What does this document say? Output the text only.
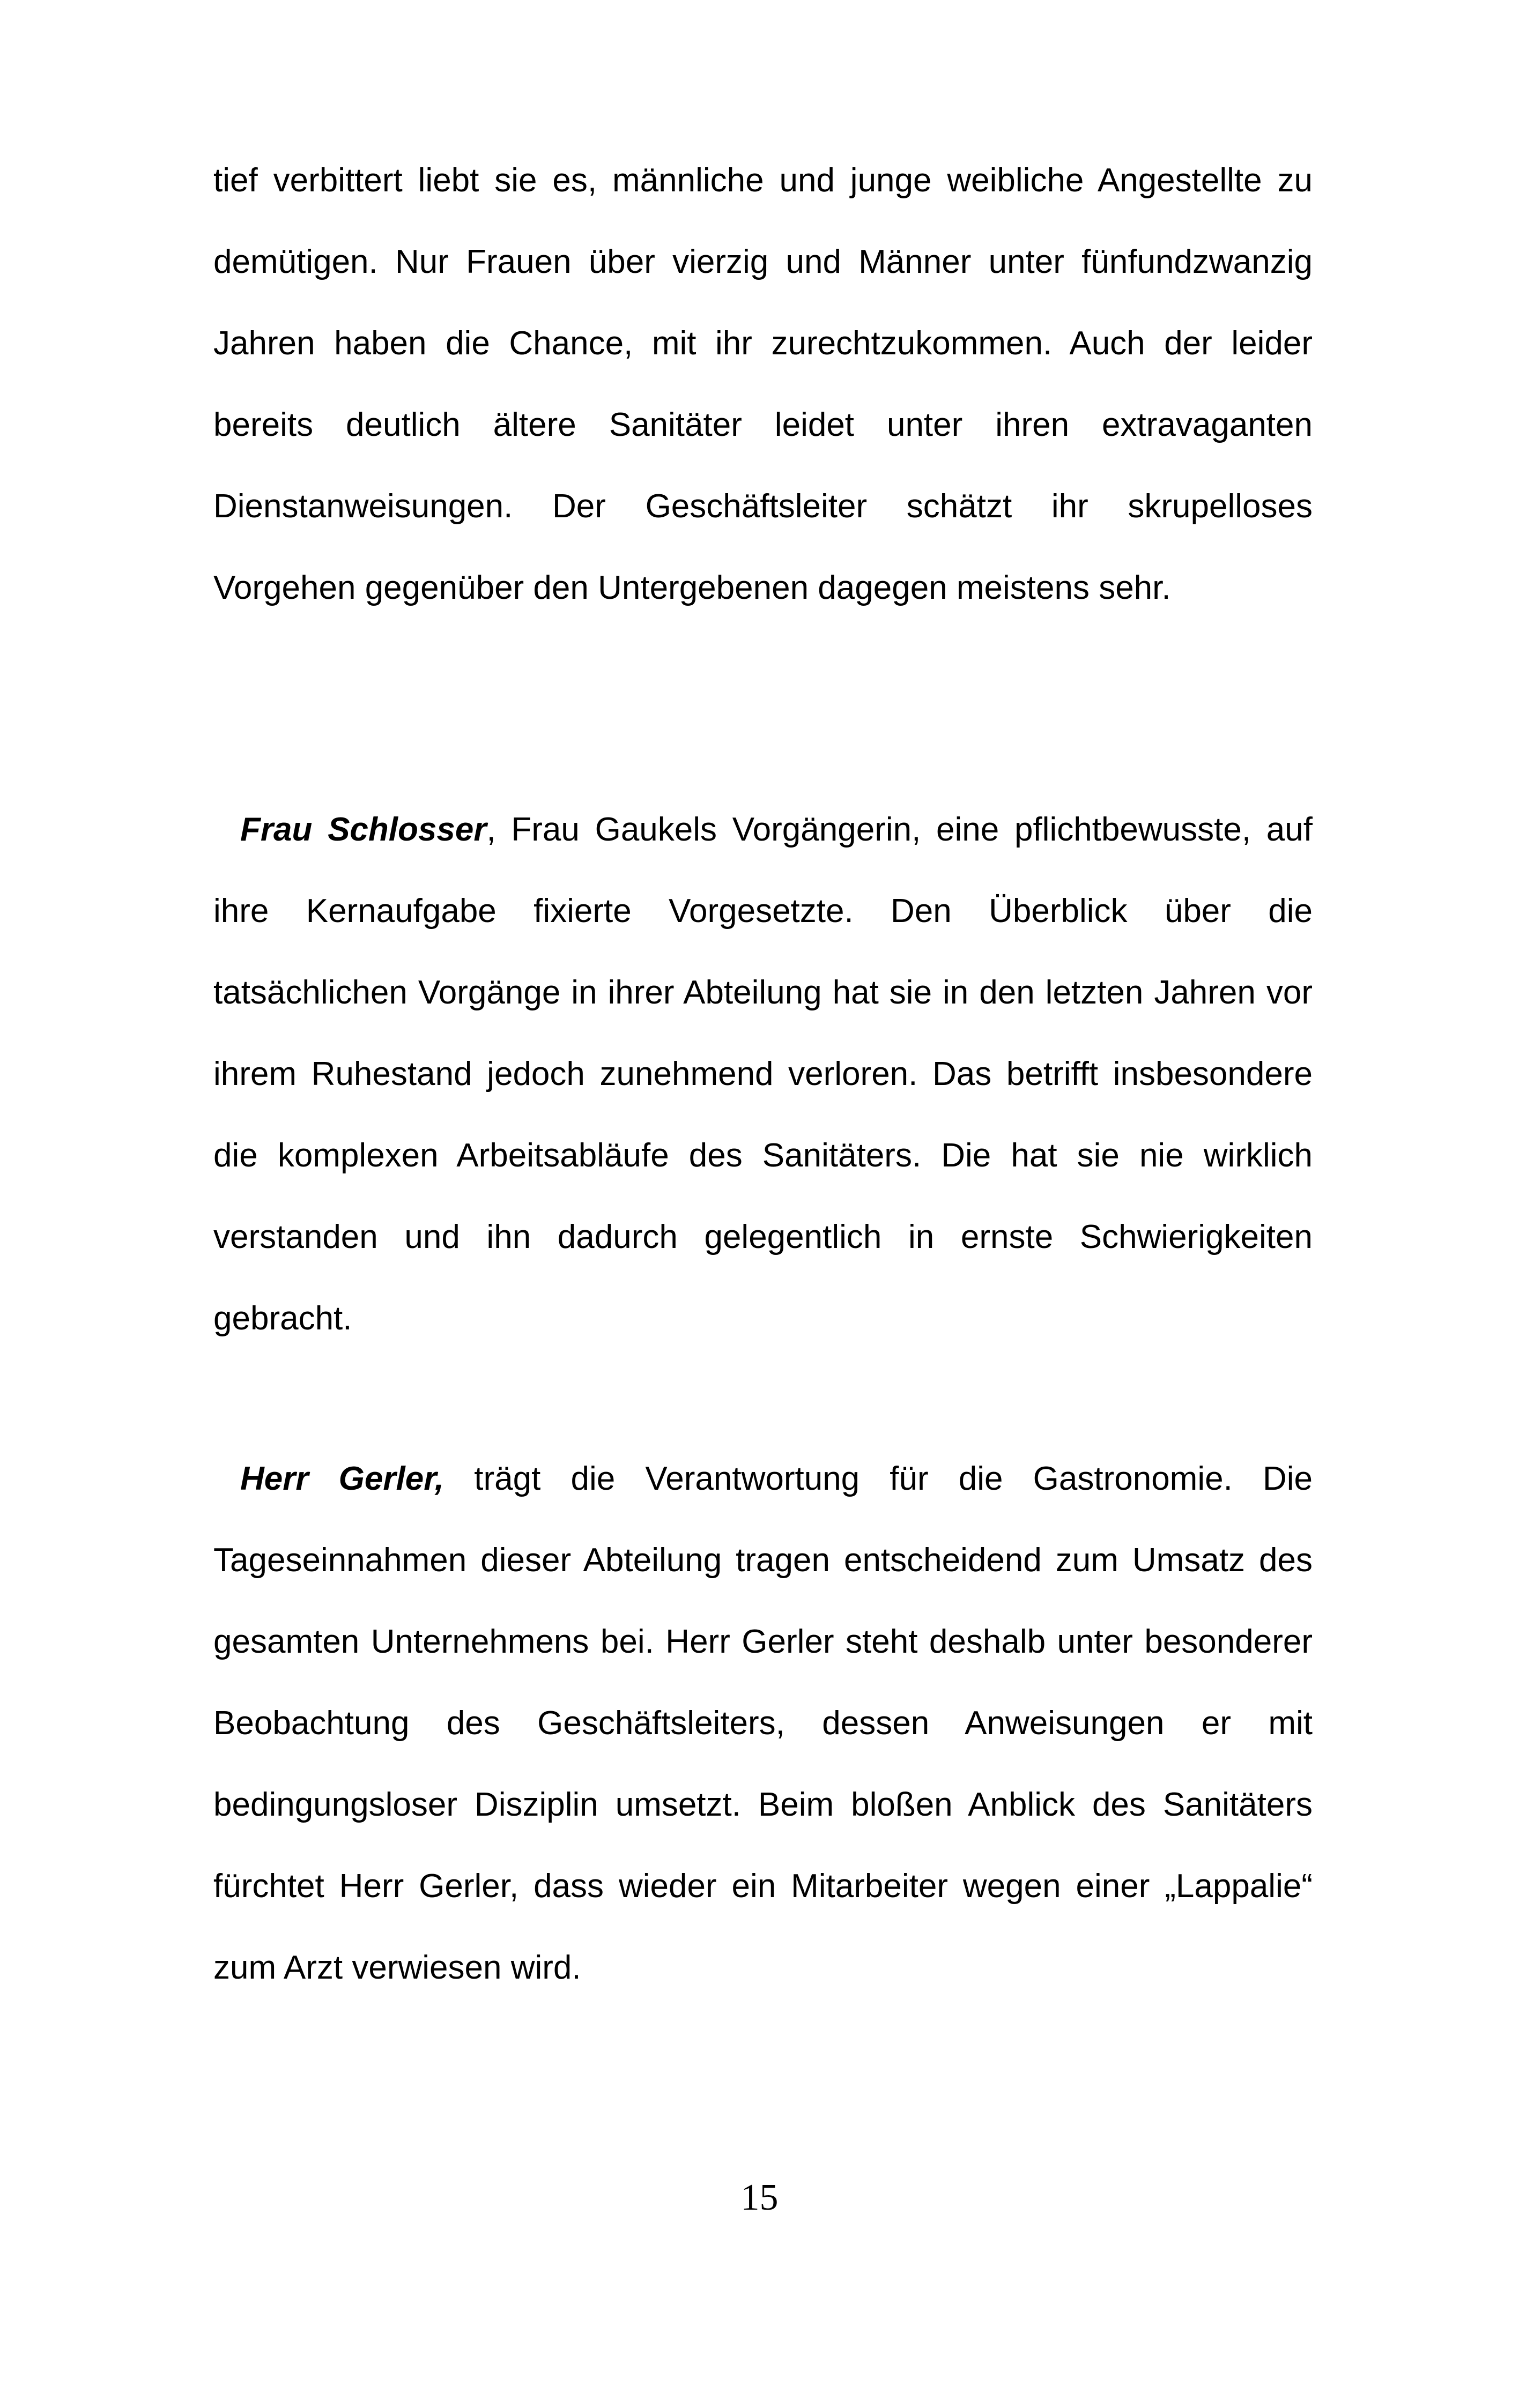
tief verbittert liebt sie es, männliche und junge weibliche Angestellte zu demütigen. Nur Frauen über vierzig und Männer unter fünfundzwanzig Jahren haben die Chance, mit ihr zurechtzukommen. Auch der leider bereits deutlich ältere Sanitäter leidet unter ihren extravaganten Dienstanweisungen. Der Geschäftsleiter schätzt ihr skrupelloses Vorgehen gegenüber den Untergebenen dagegen meistens sehr.

Frau Schlosser, Frau Gaukels Vorgängerin, eine pflichtbewusste, auf ihre Kernaufgabe fixierte Vorgesetzte. Den Überblick über die tatsächlichen Vorgänge in ihrer Abteilung hat sie in den letzten Jahren vor ihrem Ruhestand jedoch zunehmend verloren. Das betrifft insbesondere die komplexen Arbeitsabläufe des Sanitäters. Die hat sie nie wirklich verstanden und ihn dadurch gelegentlich in ernste Schwierigkeiten gebracht.

Herr Gerler, trägt die Verantwortung für die Gastronomie. Die Tageseinnahmen dieser Abteilung tragen entscheidend zum Umsatz des gesamten Unternehmens bei. Herr Gerler steht deshalb unter besonderer Beobachtung des Geschäftsleiters, dessen Anweisungen er mit bedingungsloser Disziplin umsetzt. Beim bloßen Anblick des Sanitäters fürchtet Herr Gerler, dass wieder ein Mitarbeiter wegen einer „Lappalie“ zum Arzt verwiesen wird.

15
